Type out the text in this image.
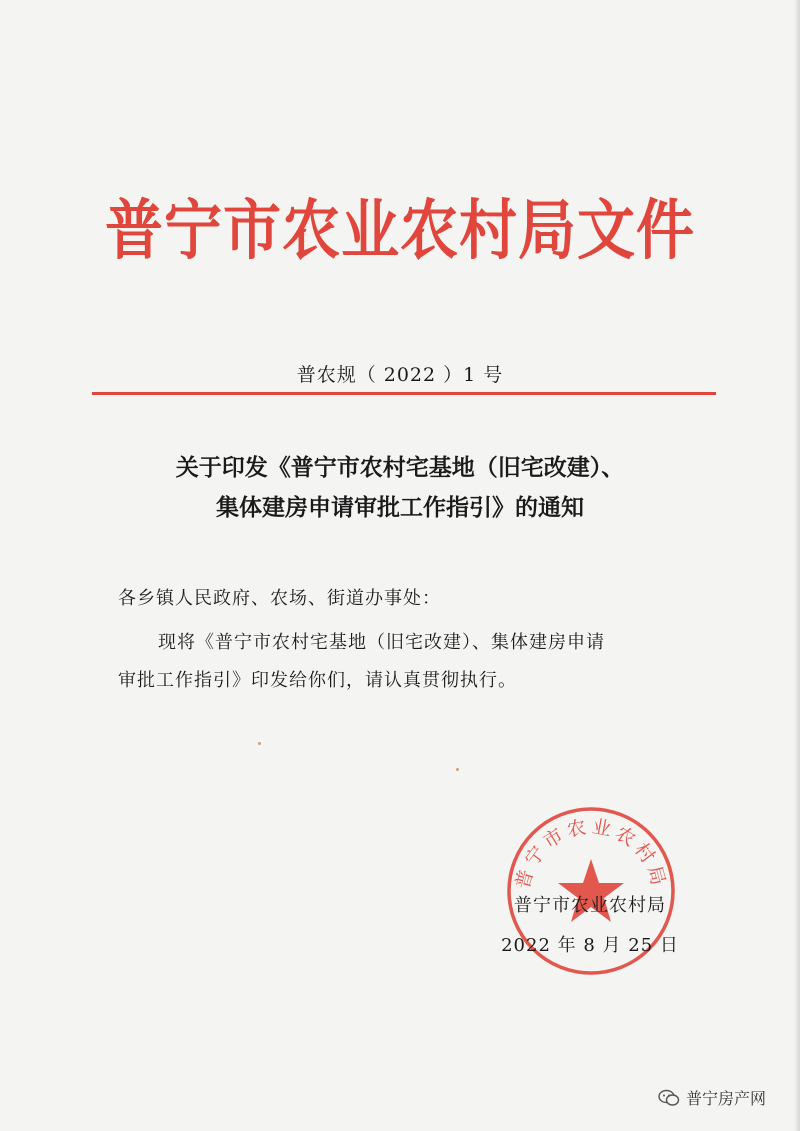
普宁市农业农村局文件
普农规（ 2022 ）1 号
关于印发《普宁市农村宅基地（旧宅改建）、
集体建房申请审批工作指引》的通知
各乡镇人民政府、农场、街道办事处：
现将《普宁市农村宅基地（旧宅改建）、集体建房申请
审批工作指引》印发给你们，请认真贯彻执行。
普宁市农业农村局
普宁市农业农村局
2022 年 8 月 25 日
普宁房产网
